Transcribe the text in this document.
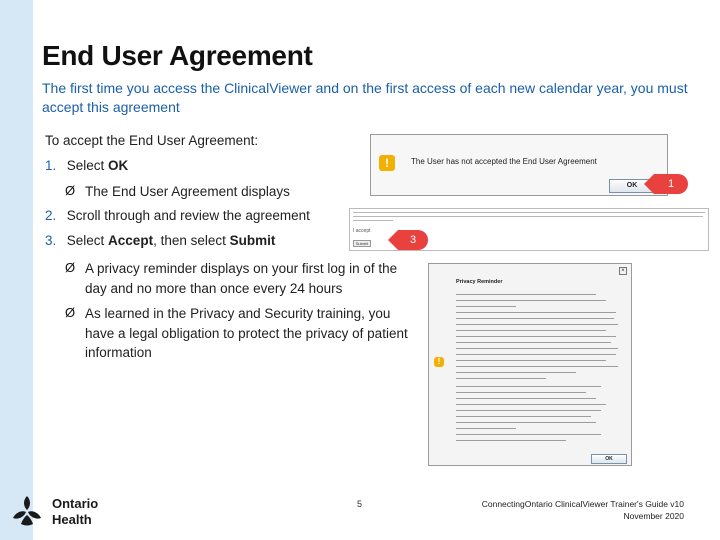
End User Agreement

The first time you access the ClinicalViewer and on the first access of each new calendar year, you must accept this agreement

To accept the End User Agreement:
1. Select OK
Ø The End User Agreement displays
2. Scroll through and review the agreement
3. Select Accept, then select Submit
Ø A privacy reminder displays on your first log in of the day and no more than once every 24 hours
Ø As learned in the Privacy and Security training, you have a legal obligation to protect the privacy of patient information
!	The User has not accepted the End User Agreement
OK	1
I accept
Submit	3
×
Privacy Reminder
!
OK
Ontario
Health
5	ConnectingOntario ClinicalViewer Trainer's Guide v10
November 2020
